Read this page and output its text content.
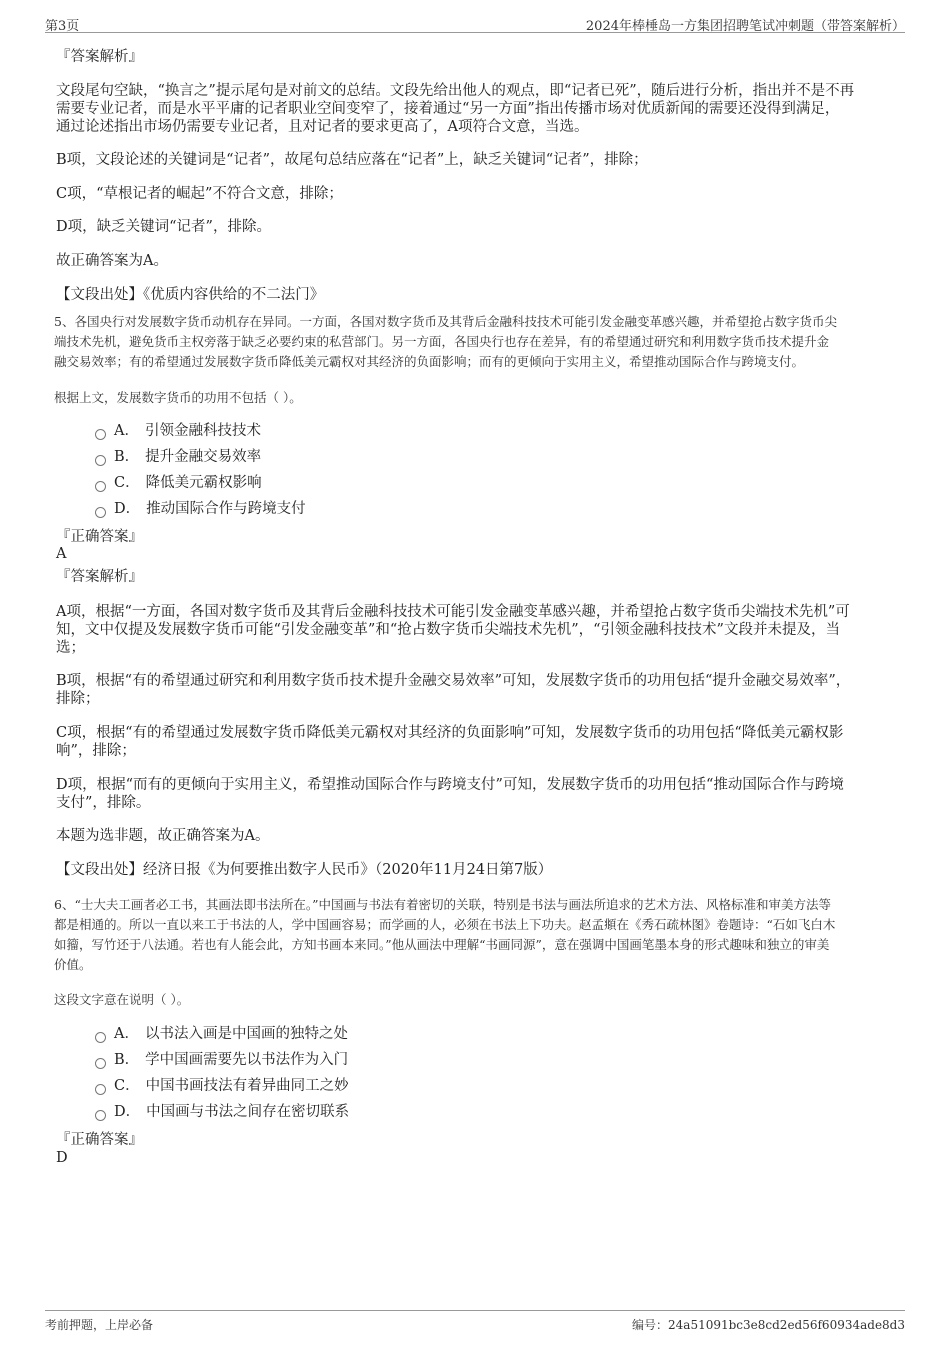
第3页	2024年棒棰岛一方集团招聘笔试冲刺题（带答案解析）
『答案解析』
文段尾句空缺，“换言之”提示尾句是对前文的总结。文段先给出他人的观点，即“记者已死”，随后进行分析，指出并不是不再
需要专业记者，而是水平平庸的记者职业空间变窄了，接着通过“另一方面”指出传播市场对优质新闻的需要还没得到满足，
通过论述指出市场仍需要专业记者，且对记者的要求更高了，A项符合文意，当选。
B项，文段论述的关键词是“记者”，故尾句总结应落在“记者”上，缺乏关键词“记者”，排除；
C项，“草根记者的崛起”不符合文意，排除；
D项，缺乏关键词“记者”，排除。
故正确答案为A。
【文段出处】《优质内容供给的不二法门》
5、各国央行对发展数字货币动机存在异同。一方面，各国对数字货币及其背后金融科技技术可能引发金融变革感兴趣，并希望抢占数字货币尖
端技术先机，避免货币主权旁落于缺乏必要约束的私营部门。另一方面，各国央行也存在差异，有的希望通过研究和利用数字货币技术提升金
融交易效率；有的希望通过发展数字货币降低美元霸权对其经济的负面影响；而有的更倾向于实用主义，希望推动国际合作与跨境支付。
根据上文，发展数字货币的功用不包括（ ）。
A． 引领金融科技技术
B． 提升金融交易效率
C． 降低美元霸权影响
D． 推动国际合作与跨境支付
『正确答案』
A
『答案解析』
A项，根据“一方面，各国对数字货币及其背后金融科技技术可能引发金融变革感兴趣，并希望抢占数字货币尖端技术先机”可
知，文中仅提及发展数字货币可能“引发金融变革”和“抢占数字货币尖端技术先机”，“引领金融科技技术”文段并未提及，当
选；
B项，根据“有的希望通过研究和利用数字货币技术提升金融交易效率”可知，发展数字货币的功用包括“提升金融交易效率”，
排除；
C项，根据“有的希望通过发展数字货币降低美元霸权对其经济的负面影响”可知，发展数字货币的功用包括“降低美元霸权影
响”，排除；
D项，根据“而有的更倾向于实用主义，希望推动国际合作与跨境支付”可知，发展数字货币的功用包括“推动国际合作与跨境
支付”，排除。
本题为选非题，故正确答案为A。
【文段出处】经济日报《为何要推出数字人民币》（2020年11月24日第7版）
6、“士大夫工画者必工书，其画法即书法所在。”中国画与书法有着密切的关联，特别是书法与画法所追求的艺术方法、风格标准和审美方法等
都是相通的。所以一直以来工于书法的人，学中国画容易；而学画的人，必须在书法上下功夫。赵孟頫在《秀石疏林图》卷题诗：“石如飞白木
如籀，写竹还于八法通。若也有人能会此，方知书画本来同。”他从画法中理解“书画同源”，意在强调中国画笔墨本身的形式趣味和独立的审美
价值。
这段文字意在说明（ ）。
A． 以书法入画是中国画的独特之处
B． 学中国画需要先以书法作为入门
C． 中国书画技法有着异曲同工之妙
D． 中国画与书法之间存在密切联系
『正确答案』
D
考前押题，上岸必备	编号：24a51091bc3e8cd2ed56f60934ade8d3
